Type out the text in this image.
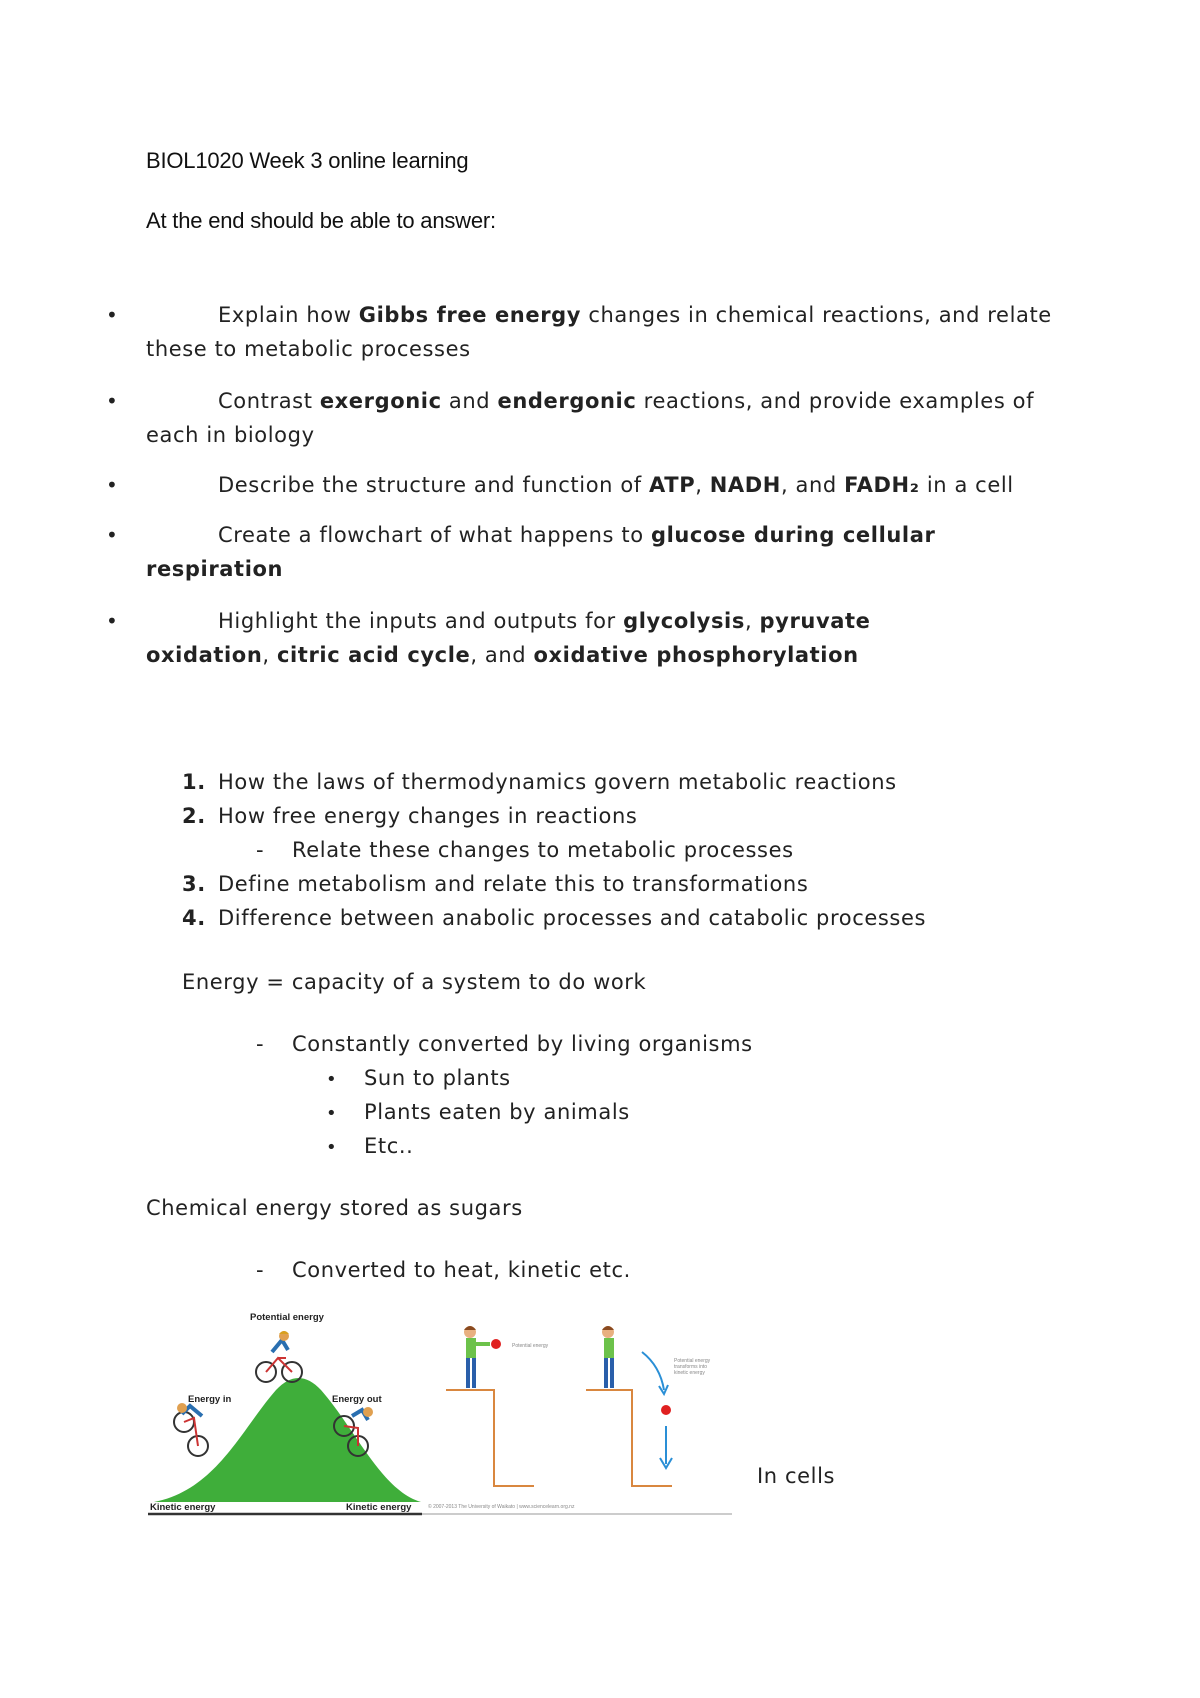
BIOL1020 Week 3 online learning
At the end should be able to answer:
•	Explain how Gibbs free energy changes in chemical reactions, and relate
these to metabolic processes
•	Contrast exergonic and endergonic reactions, and provide examples of
each in biology
•	Describe the structure and function of ATP, NADH, and FADH₂ in a cell
•	Create a flowchart of what happens to glucose during cellular
respiration
•	Highlight the inputs and outputs for glycolysis, pyruvate
oxidation, citric acid cycle, and oxidative phosphorylation
1. How the laws of thermodynamics govern metabolic reactions
2. How free energy changes in reactions
3. Define metabolism and relate this to transformations
4. Difference between anabolic processes and catabolic processes
- Relate these changes to metabolic processes
Energy = capacity of a system to do work
- Constantly converted by living organisms
• Sun to plants
• Plants eaten by animals
• Etc..
Chemical energy stored as sugars
- Converted to heat, kinetic etc.
Potential energy
Energy in	Energy out
Kinetic energy	Kinetic energy
Potential energy
Potential energy
transforms into
kinetic energy
© 2007-2013 The University of Waikato | www.sciencelearn.org.nz
In cells
